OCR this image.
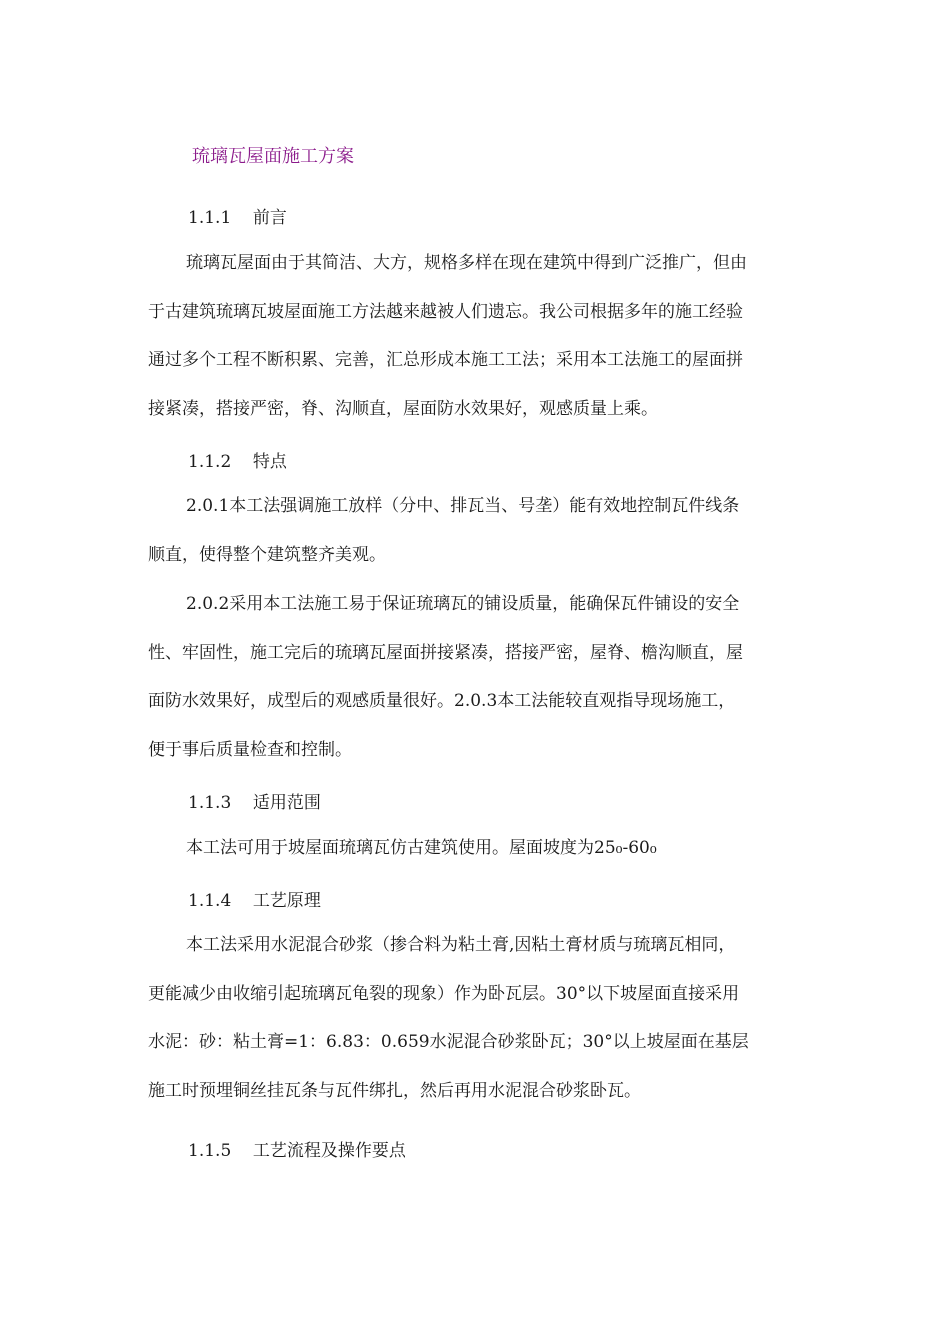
琉璃瓦屋面施工方案
1.1.1 前言

琉璃瓦屋面由于其简洁、大方，规格多样在现在建筑中得到广泛推广，但由
于古建筑琉璃瓦坡屋面施工方法越来越被人们遗忘。我公司根据多年的施工经验
通过多个工程不断积累、完善，汇总形成本施工工法；采用本工法施工的屋面拼
接紧凑，搭接严密，脊、沟顺直，屋面防水效果好，观感质量上乘。

1.1.2 特点

2.0.1本工法强调施工放样（分中、排瓦当、号垄）能有效地控制瓦件线条
顺直，使得整个建筑整齐美观。

2.0.2采用本工法施工易于保证琉璃瓦的铺设质量，能确保瓦件铺设的安全
性、牢固性，施工完后的琉璃瓦屋面拼接紧凑，搭接严密，屋脊、檐沟顺直，屋
面防水效果好，成型后的观感质量很好。2.0.3本工法能较直观指导现场施工，
便于事后质量检查和控制。

1.1.3 适用范围

本工法可用于坡屋面琉璃瓦仿古建筑使用。屋面坡度为25₀-60₀

1.1.4 工艺原理

本工法采用水泥混合砂浆（掺合料为粘土膏,因粘土膏材质与琉璃瓦相同，
更能减少由收缩引起琉璃瓦龟裂的现象）作为卧瓦层。30°以下坡屋面直接采用
水泥：砂：粘土膏=1：6.83：0.659水泥混合砂浆卧瓦；30°以上坡屋面在基层
施工时预埋铜丝挂瓦条与瓦件绑扎，然后再用水泥混合砂浆卧瓦。

1.1.5 工艺流程及操作要点
